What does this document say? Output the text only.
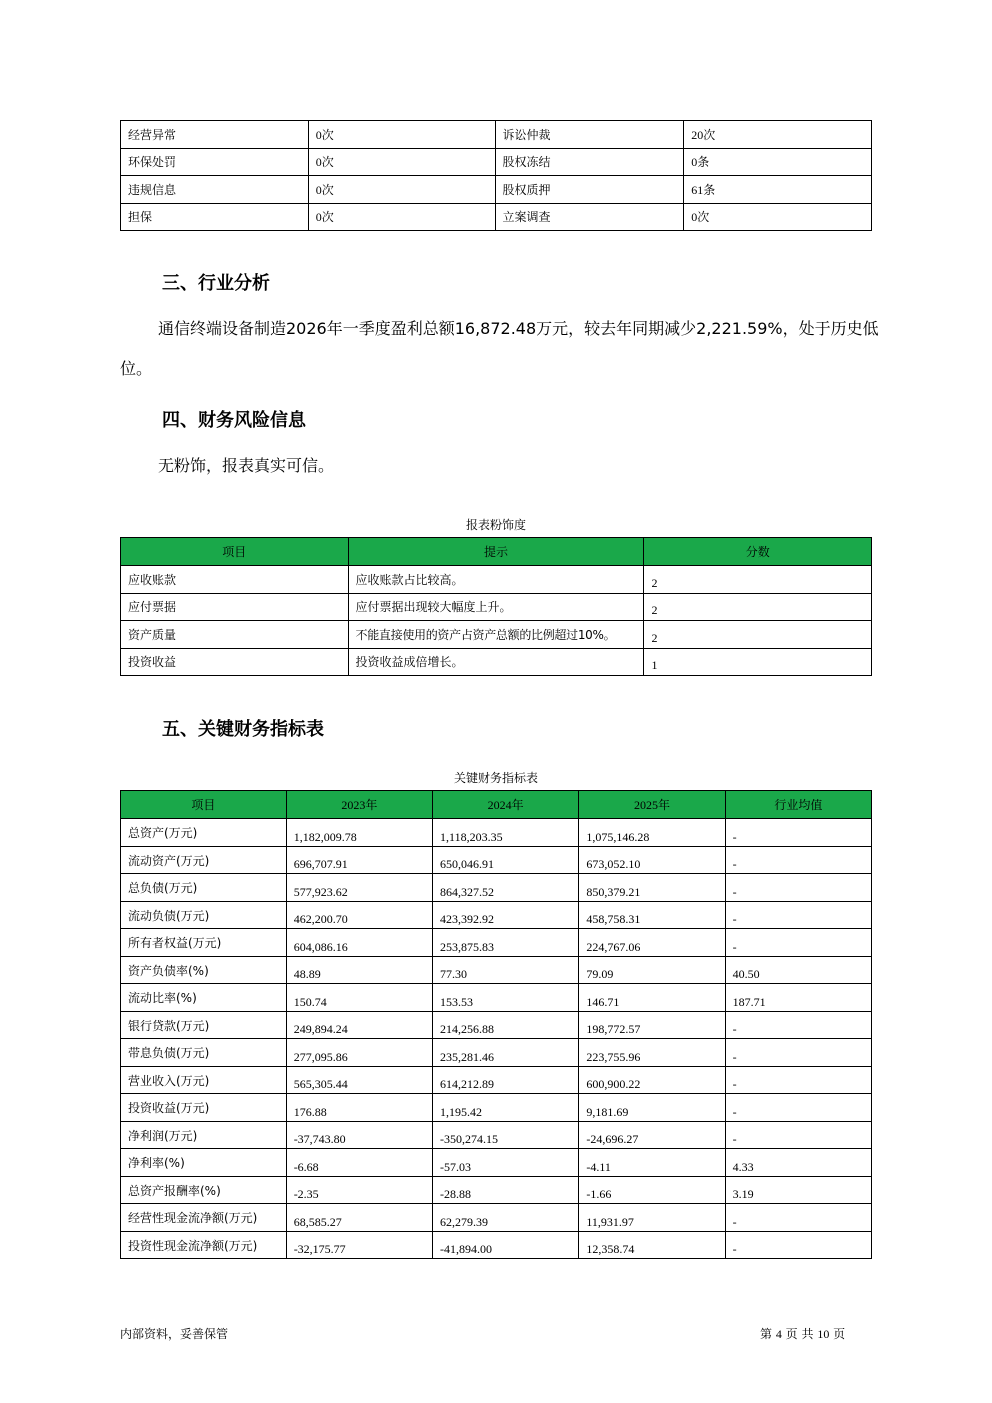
经营异常	0次	诉讼仲裁	20次
环保处罚	0次	股权冻结	0条
违规信息	0次	股权质押	61条
担保	0次	立案调查	0次
三、行业分析

通信终端设备制造2026年一季度盈利总额16,872.48万元，较去年同期减少2,221.59%，处于历史低位。

四、财务风险信息

无粉饰，报表真实可信。

报表粉饰度
项目	提示	分数
应收账款	应收账款占比较高。	2
应付票据	应付票据出现较大幅度上升。	2
资产质量	不能直接使用的资产占资产总额的比例超过10%。	2
投资收益	投资收益成倍增长。	1
五、关键财务指标表
关键财务指标表
项目	2023年	2024年	2025年	行业均值
总资产(万元)	1,182,009.78	1,118,203.35	1,075,146.28	-
流动资产(万元)	696,707.91	650,046.91	673,052.10	-
总负债(万元)	577,923.62	864,327.52	850,379.21	-
流动负债(万元)	462,200.70	423,392.92	458,758.31	-
所有者权益(万元)	604,086.16	253,875.83	224,767.06	-
资产负债率(%)	48.89	77.30	79.09	40.50
流动比率(%)	150.74	153.53	146.71	187.71
银行贷款(万元)	249,894.24	214,256.88	198,772.57	-
带息负债(万元)	277,095.86	235,281.46	223,755.96	-
营业收入(万元)	565,305.44	614,212.89	600,900.22	-
投资收益(万元)	176.88	1,195.42	9,181.69	-
净利润(万元)	-37,743.80	-350,274.15	-24,696.27	-
净利率(%)	-6.68	-57.03	-4.11	4.33
总资产报酬率(%)	-2.35	-28.88	-1.66	3.19
经营性现金流净额(万元)	68,585.27	62,279.39	11,931.97	-
投资性现金流净额(万元)	-32,175.77	-41,894.00	12,358.74	-
内部资料，妥善保管	第 4 页 共 10 页
